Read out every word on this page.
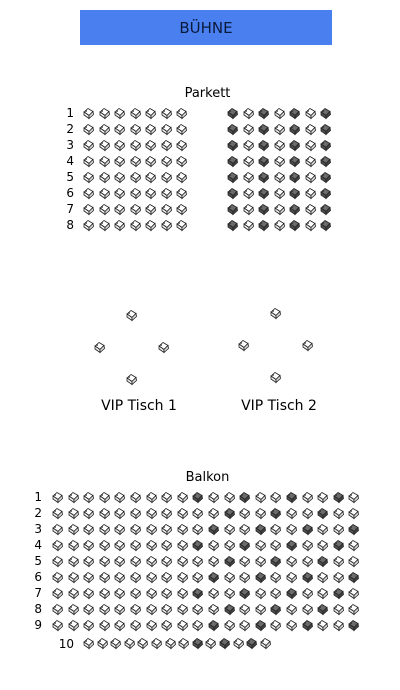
BÜHNE
Parkett
VIP Tisch 1	VIP Tisch 2
Balkon
1
2
3
4
5
6
7
8
1
2
3
4
5
6
7
8
9
10
